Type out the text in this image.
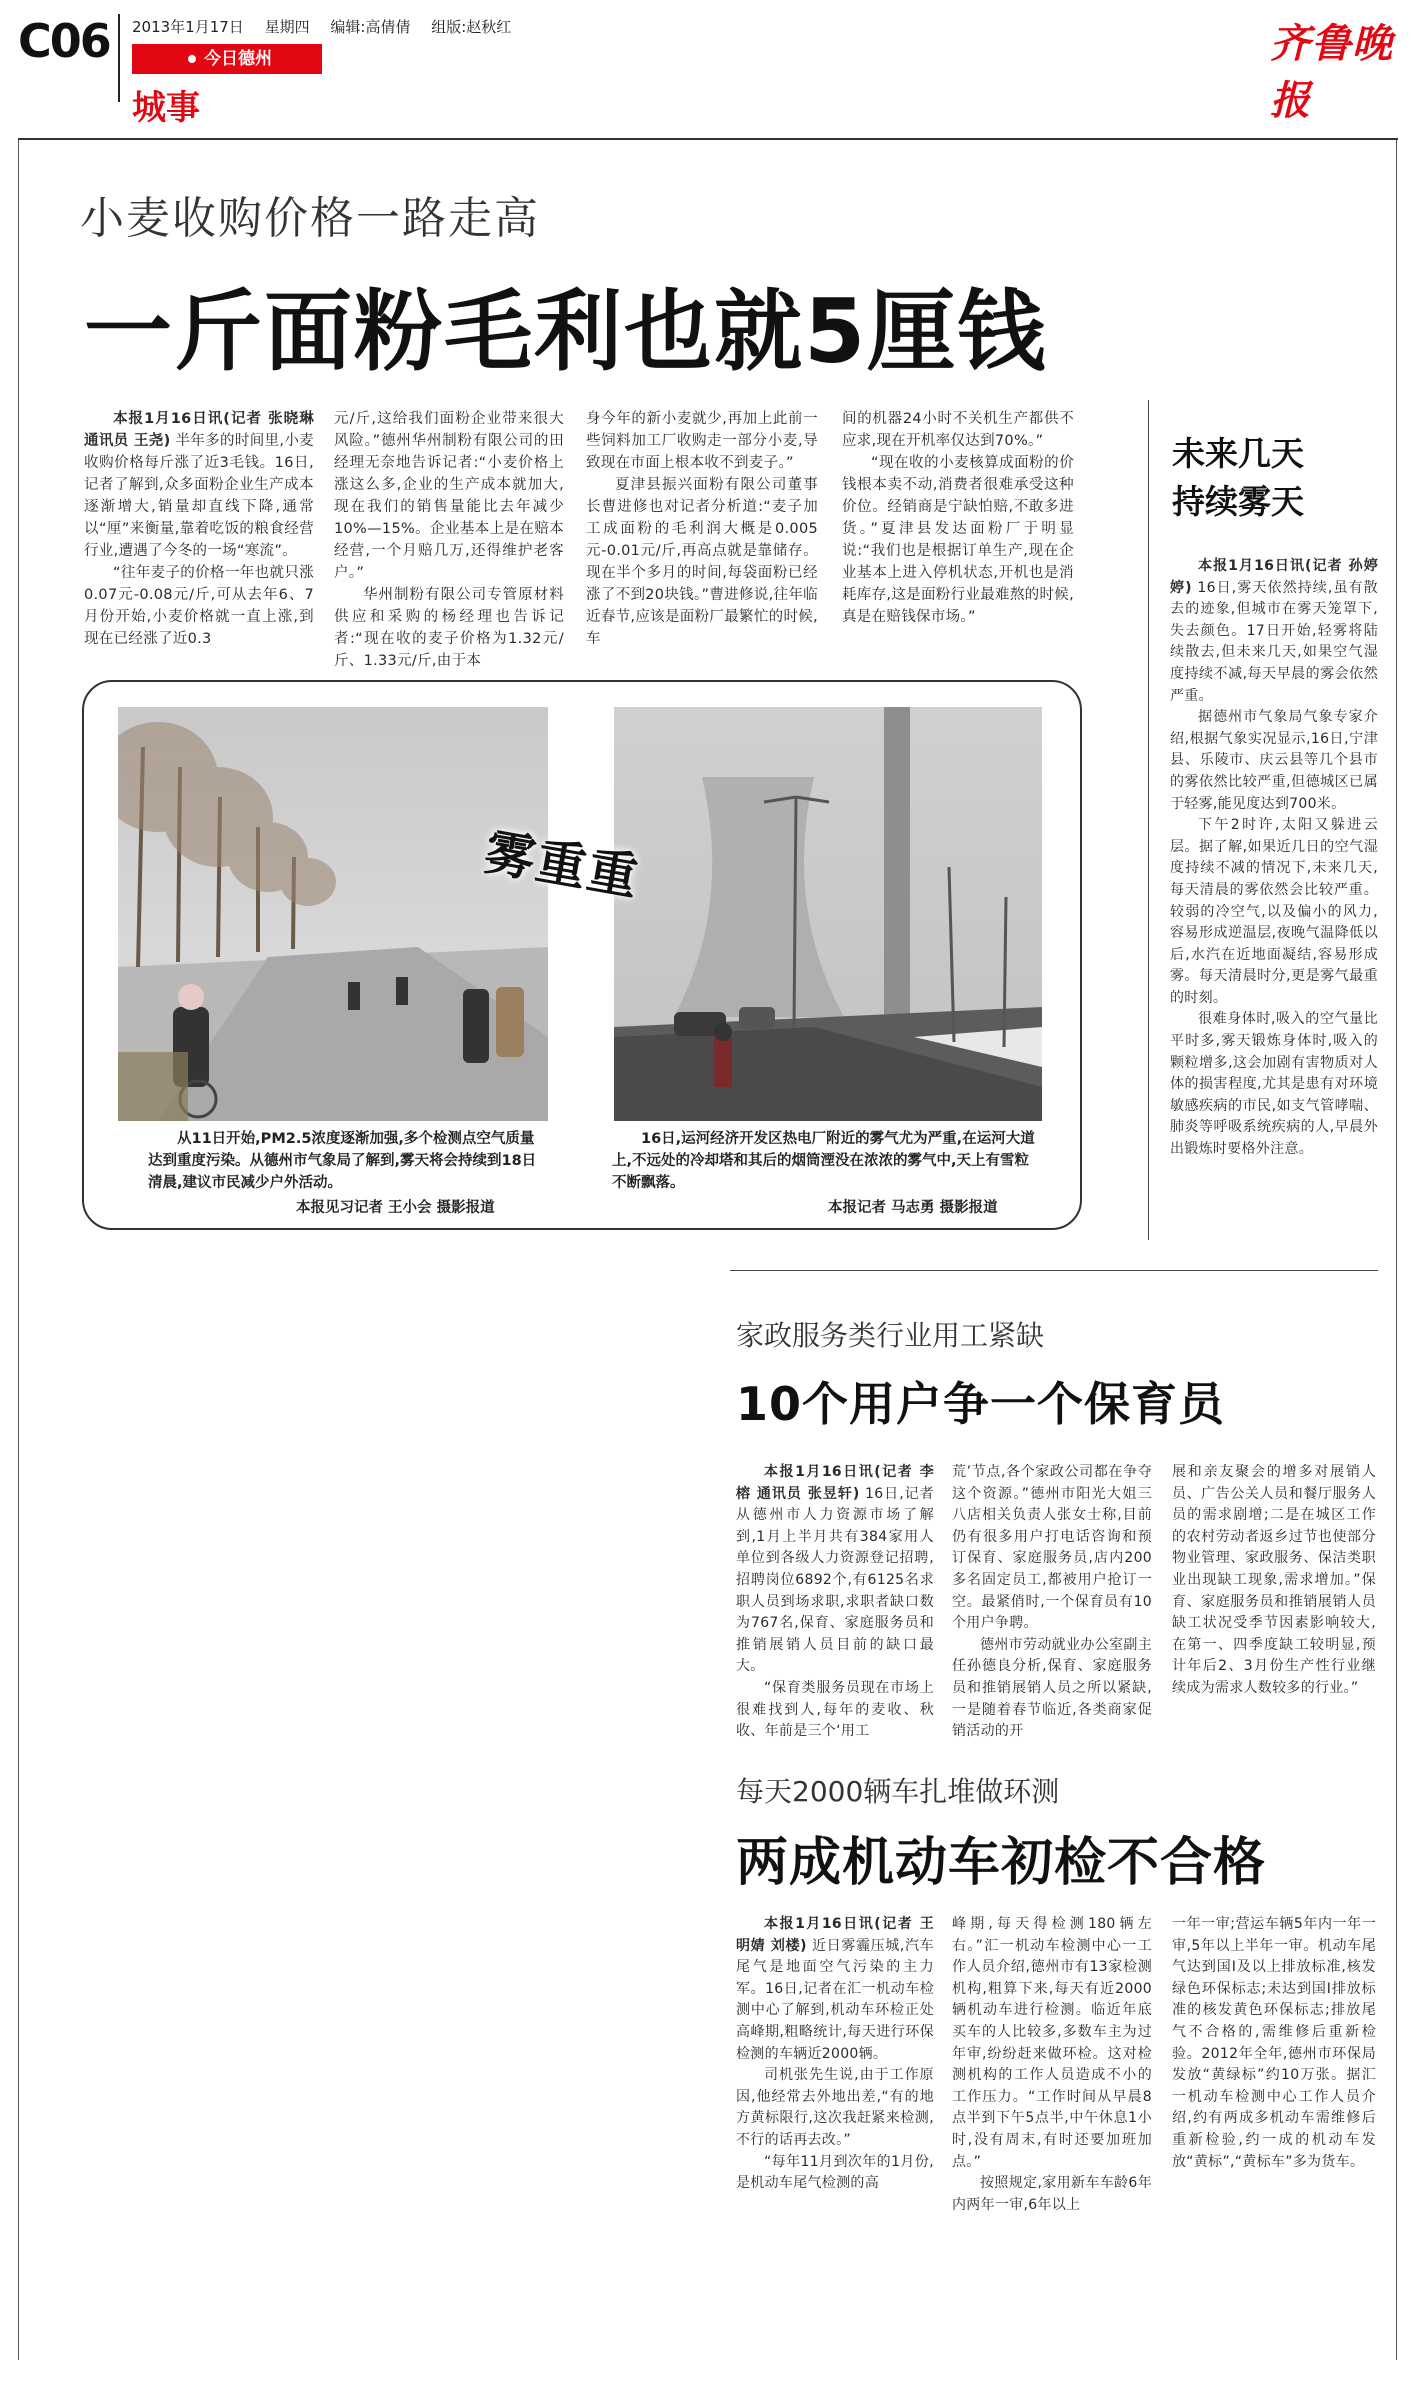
C06 2013年1月17日 星期四 编辑:高倩倩 组版:赵秋红
今日德州
城事
齐鲁晚报
小麦收购价格一路走高
一斤面粉毛利也就5厘钱

本报1月16日讯(记者 张晓琳 通讯员 王尧) 半年多的时间里,小麦收购价格每斤涨了近3毛钱。16日,记者了解到,众多面粉企业生产成本逐渐增大,销量却直线下降,通常以“厘”来衡量,靠着吃饭的粮食经营行业,遭遇了今冬的一场“寒流”。

“往年麦子的价格一年也就只涨0.07元-0.08元/斤,可从去年6、7月份开始,小麦价格就一直上涨,到现在已经涨了近0.3

元/斤,这给我们面粉企业带来很大风险。”德州华州制粉有限公司的田经理无奈地告诉记者:“小麦价格上涨这么多,企业的生产成本就加大,现在我们的销售量能比去年减少10%—15%。企业基本上是在赔本经营,一个月赔几万,还得维护老客户。”

华州制粉有限公司专管原材料供应和采购的杨经理也告诉记者:“现在收的麦子价格为1.32元/斤、1.33元/斤,由于本

身今年的新小麦就少,再加上此前一些饲料加工厂收购走一部分小麦,导致现在市面上根本收不到麦子。”

夏津县振兴面粉有限公司董事长曹进修也对记者分析道:“麦子加工成面粉的毛利润大概是0.005元-0.01元/斤,再高点就是靠储存。现在半个多月的时间,每袋面粉已经涨了不到20块钱。”曹进修说,往年临近春节,应该是面粉厂最繁忙的时候,车

间的机器24小时不关机生产都供不应求,现在开机率仅达到70%。”

“现在收的小麦核算成面粉的价钱根本卖不动,消费者很难承受这种价位。经销商是宁缺怕赔,不敢多进货。”夏津县发达面粉厂于明显说:“我们也是根据订单生产,现在企业基本上进入停机状态,开机也是消耗库存,这是面粉行业最难熬的时候,真是在赔钱保市场。”

未来几天
持续雾天

本报1月16日讯(记者 孙婷婷) 16日,雾天依然持续,虽有散去的迹象,但城市在雾天笼罩下,失去颜色。17日开始,轻雾将陆续散去,但未来几天,如果空气湿度持续不减,每天早晨的雾会依然严重。

据德州市气象局气象专家介绍,根据气象实况显示,16日,宁津县、乐陵市、庆云县等几个县市的雾依然比较严重,但德城区已属于轻雾,能见度达到700米。

下午2时许,太阳又躲进云层。据了解,如果近几日的空气湿度持续不减的情况下,未来几天,每天清晨的雾依然会比较严重。较弱的冷空气,以及偏小的风力,容易形成逆温层,夜晚气温降低以后,水汽在近地面凝结,容易形成雾。每天清晨时分,更是雾气最重的时刻。

很难身体时,吸入的空气量比平时多,雾天锻炼身体时,吸入的颗粒增多,这会加剧有害物质对人体的损害程度,尤其是患有对环境敏感疾病的市民,如支气管哮喘、肺炎等呼吸系统疾病的人,早晨外出锻炼时要格外注意。

雾重重
从11日开始,PM2.5浓度逐渐加强,多个检测点空气质量达到重度污染。从德州市气象局了解到,雾天将会持续到18日清晨,建议市民减少户外活动。
本报见习记者 王小会 摄影报道
16日,运河经济开发区热电厂附近的雾气尤为严重,在运河大道上,不远处的冷却塔和其后的烟筒湮没在浓浓的雾气中,天上有雪粒不断飘落。
本报记者 马志勇 摄影报道
家政服务类行业用工紧缺
10个用户争一个保育员

本报1月16日讯(记者 李榕 通讯员 张昱轩) 16日,记者从德州市人力资源市场了解到,1月上半月共有384家用人单位到各级人力资源登记招聘,招聘岗位6892个,有6125名求职人员到场求职,求职者缺口数为767名,保育、家庭服务员和推销展销人员目前的缺口最大。

“保育类服务员现在市场上很难找到人,每年的麦收、秋收、年前是三个‘用工

荒’节点,各个家政公司都在争夺这个资源。”德州市阳光大姐三八店相关负责人张女士称,目前仍有很多用户打电话咨询和预订保育、家庭服务员,店内200多名固定员工,都被用户抢订一空。最紧俏时,一个保育员有10个用户争聘。

德州市劳动就业办公室副主任孙德良分析,保育、家庭服务员和推销展销人员之所以紧缺,一是随着春节临近,各类商家促销活动的开

展和亲友聚会的增多对展销人员、广告公关人员和餐厅服务人员的需求剧增;二是在城区工作的农村劳动者返乡过节也使部分物业管理、家政服务、保洁类职业出现缺工现象,需求增加。”保育、家庭服务员和推销展销人员缺工状况受季节因素影响较大,在第一、四季度缺工较明显,预计年后2、3月份生产性行业继续成为需求人数较多的行业。”

每天2000辆车扎堆做环测
两成机动车初检不合格

本报1月16日讯(记者 王明婧 刘楼) 近日雾霾压城,汽车尾气是地面空气污染的主力军。16日,记者在汇一机动车检测中心了解到,机动车环检正处高峰期,粗略统计,每天进行环保检测的车辆近2000辆。

司机张先生说,由于工作原因,他经常去外地出差,“有的地方黄标限行,这次我赶紧来检测,不行的话再去改。”

“每年11月到次年的1月份,是机动车尾气检测的高

峰期,每天得检测180辆左右。”汇一机动车检测中心一工作人员介绍,德州市有13家检测机构,粗算下来,每天有近2000辆机动车进行检测。临近年底买车的人比较多,多数车主为过年审,纷纷赶来做环检。这对检测机构的工作人员造成不小的工作压力。“工作时间从早晨8点半到下午5点半,中午休息1小时,没有周末,有时还要加班加点。”

按照规定,家用新车车龄6年内两年一审,6年以上

一年一审;营运车辆5年内一年一审,5年以上半年一审。机动车尾气达到国Ⅰ及以上排放标准,核发绿色环保标志;未达到国Ⅰ排放标准的核发黄色环保标志;排放尾气不合格的,需维修后重新检验。2012年全年,德州市环保局发放“黄绿标”约10万张。据汇一机动车检测中心工作人员介绍,约有两成多机动车需维修后重新检验,约一成的机动车发放“黄标”,“黄标车”多为货车。
